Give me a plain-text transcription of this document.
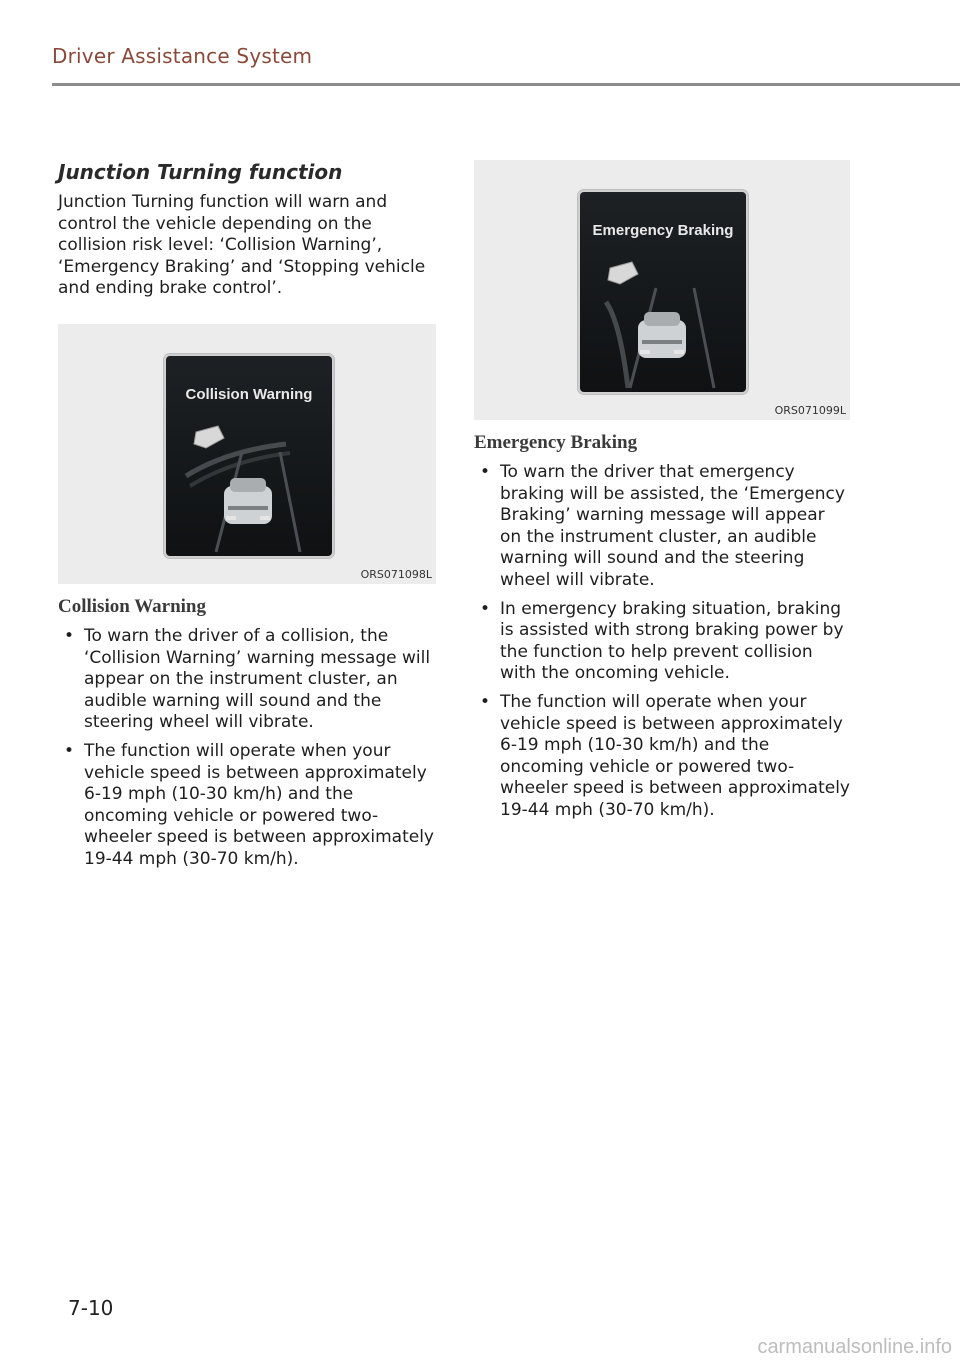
Driver Assistance System
Junction Turning function

Junction Turning function will warn and control the vehicle depending on the collision risk level: ‘Collision Warning’, ‘Emergency Braking’ and ‘Stopping vehicle and ending brake control’.

Collision Warning
ORS071098L
Collision Warning
• To warn the driver of a collision, the ‘Collision Warning’ warning message will appear on the instrument cluster, an audible warning will sound and the steering wheel will vibrate.
• The function will operate when your vehicle speed is between approximately 6-19 mph (10-30 km/h) and the oncoming vehicle or powered two-wheeler speed is between approximately 19-44 mph (30-70 km/h).
Emergency Braking
ORS071099L
Emergency Braking
• To warn the driver that emergency braking will be assisted, the ‘Emergency Braking’ warning message will appear on the instrument cluster, an audible warning will sound and the steering wheel will vibrate.
• In emergency braking situation, braking is assisted with strong braking power by the function to help prevent collision with the oncoming vehicle.
• The function will operate when your vehicle speed is between approximately 6-19 mph (10-30 km/h) and the oncoming vehicle or powered two-wheeler speed is between approximately 19-44 mph (30-70 km/h).
7-10
carmanualsonline.info
